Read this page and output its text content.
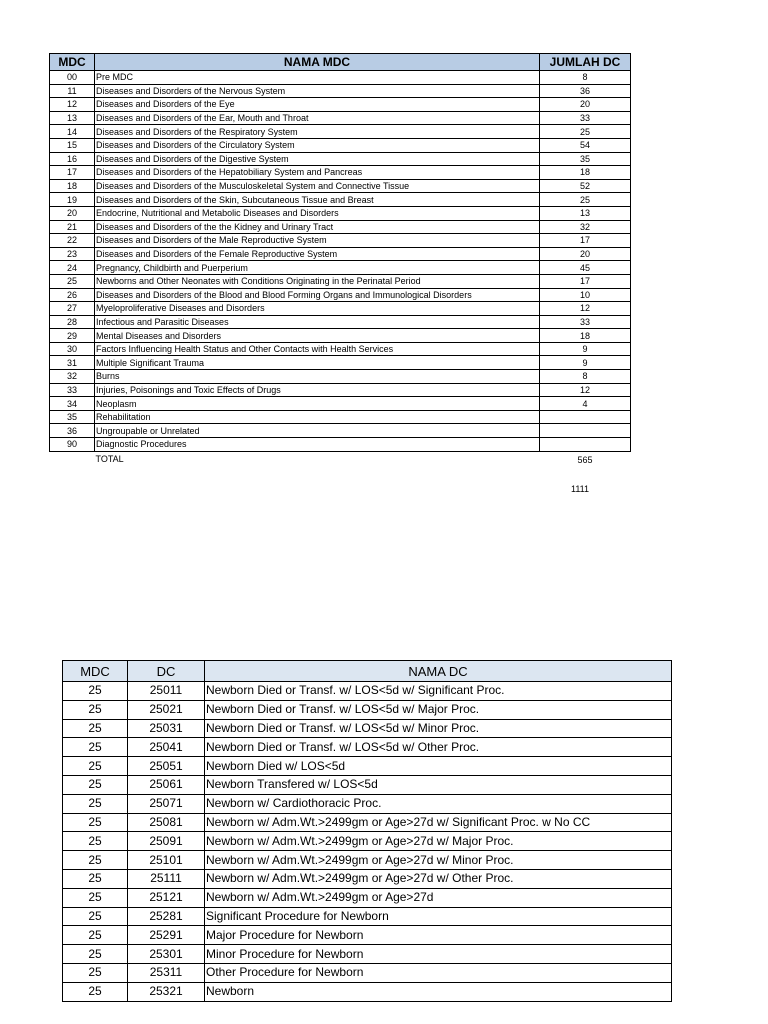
MDC	NAMA MDC	JUMLAH DC
00	Pre MDC	8
11	Diseases and Disorders of the Nervous System	36
12	Diseases and Disorders of the Eye	20
13	Diseases and Disorders of the Ear, Mouth and Throat	33
14	Diseases and Disorders of the Respiratory System	25
15	Diseases and Disorders of the Circulatory System	54
16	Diseases and Disorders of the Digestive System	35
17	Diseases and Disorders of the Hepatobiliary System and Pancreas	18
18	Diseases and Disorders of the Musculoskeletal System and Connective Tissue	52
19	Diseases and Disorders of the Skin, Subcutaneous Tissue and Breast	25
20	Endocrine, Nutritional and Metabolic Diseases and Disorders	13
21	Diseases and Disorders of the the Kidney and Urinary Tract	32
22	Diseases and Disorders of the Male Reproductive System	17
23	Diseases and Disorders of the Female Reproductive System	20
24	Pregnancy, Childbirth and Puerperium	45
25	Newborns and Other Neonates with Conditions Originating in the Perinatal Period	17
26	Diseases and Disorders of the Blood and Blood Forming Organs and Immunological Disorders	10
27	Myeloproliferative Diseases and Disorders	12
28	Infectious and Parasitic Diseases	33
29	Mental Diseases and Disorders	18
30	Factors Influencing Health Status and Other Contacts with Health Services	9
31	Multiple Significant Trauma	9
32	Burns	8
33	Injuries, Poisonings and Toxic Effects of Drugs	12
34	Neoplasm	4
35	Rehabilitation	
36	Ungroupable or Unrelated	
90	Diagnostic Procedures	
	TOTAL	565
1111
MDC	DC	NAMA DC
25	25011	Newborn Died or Transf. w/ LOS<5d w/ Significant Proc.
25	25021	Newborn Died or Transf. w/ LOS<5d w/ Major Proc.
25	25031	Newborn Died or Transf. w/ LOS<5d w/ Minor Proc.
25	25041	Newborn Died or Transf. w/ LOS<5d w/ Other Proc.
25	25051	Newborn Died w/ LOS<5d
25	25061	Newborn Transfered w/ LOS<5d
25	25071	Newborn w/ Cardiothoracic Proc.
25	25081	Newborn w/ Adm.Wt.>2499gm or Age>27d w/ Significant Proc. w No CC
25	25091	Newborn w/ Adm.Wt.>2499gm or Age>27d w/ Major Proc.
25	25101	Newborn w/ Adm.Wt.>2499gm or Age>27d w/ Minor Proc.
25	25111	Newborn w/ Adm.Wt.>2499gm or Age>27d w/ Other Proc.
25	25121	Newborn w/ Adm.Wt.>2499gm or Age>27d
25	25281	Significant Procedure for Newborn
25	25291	Major Procedure for Newborn
25	25301	Minor Procedure for Newborn
25	25311	Other Procedure for Newborn
25	25321	Newborn
